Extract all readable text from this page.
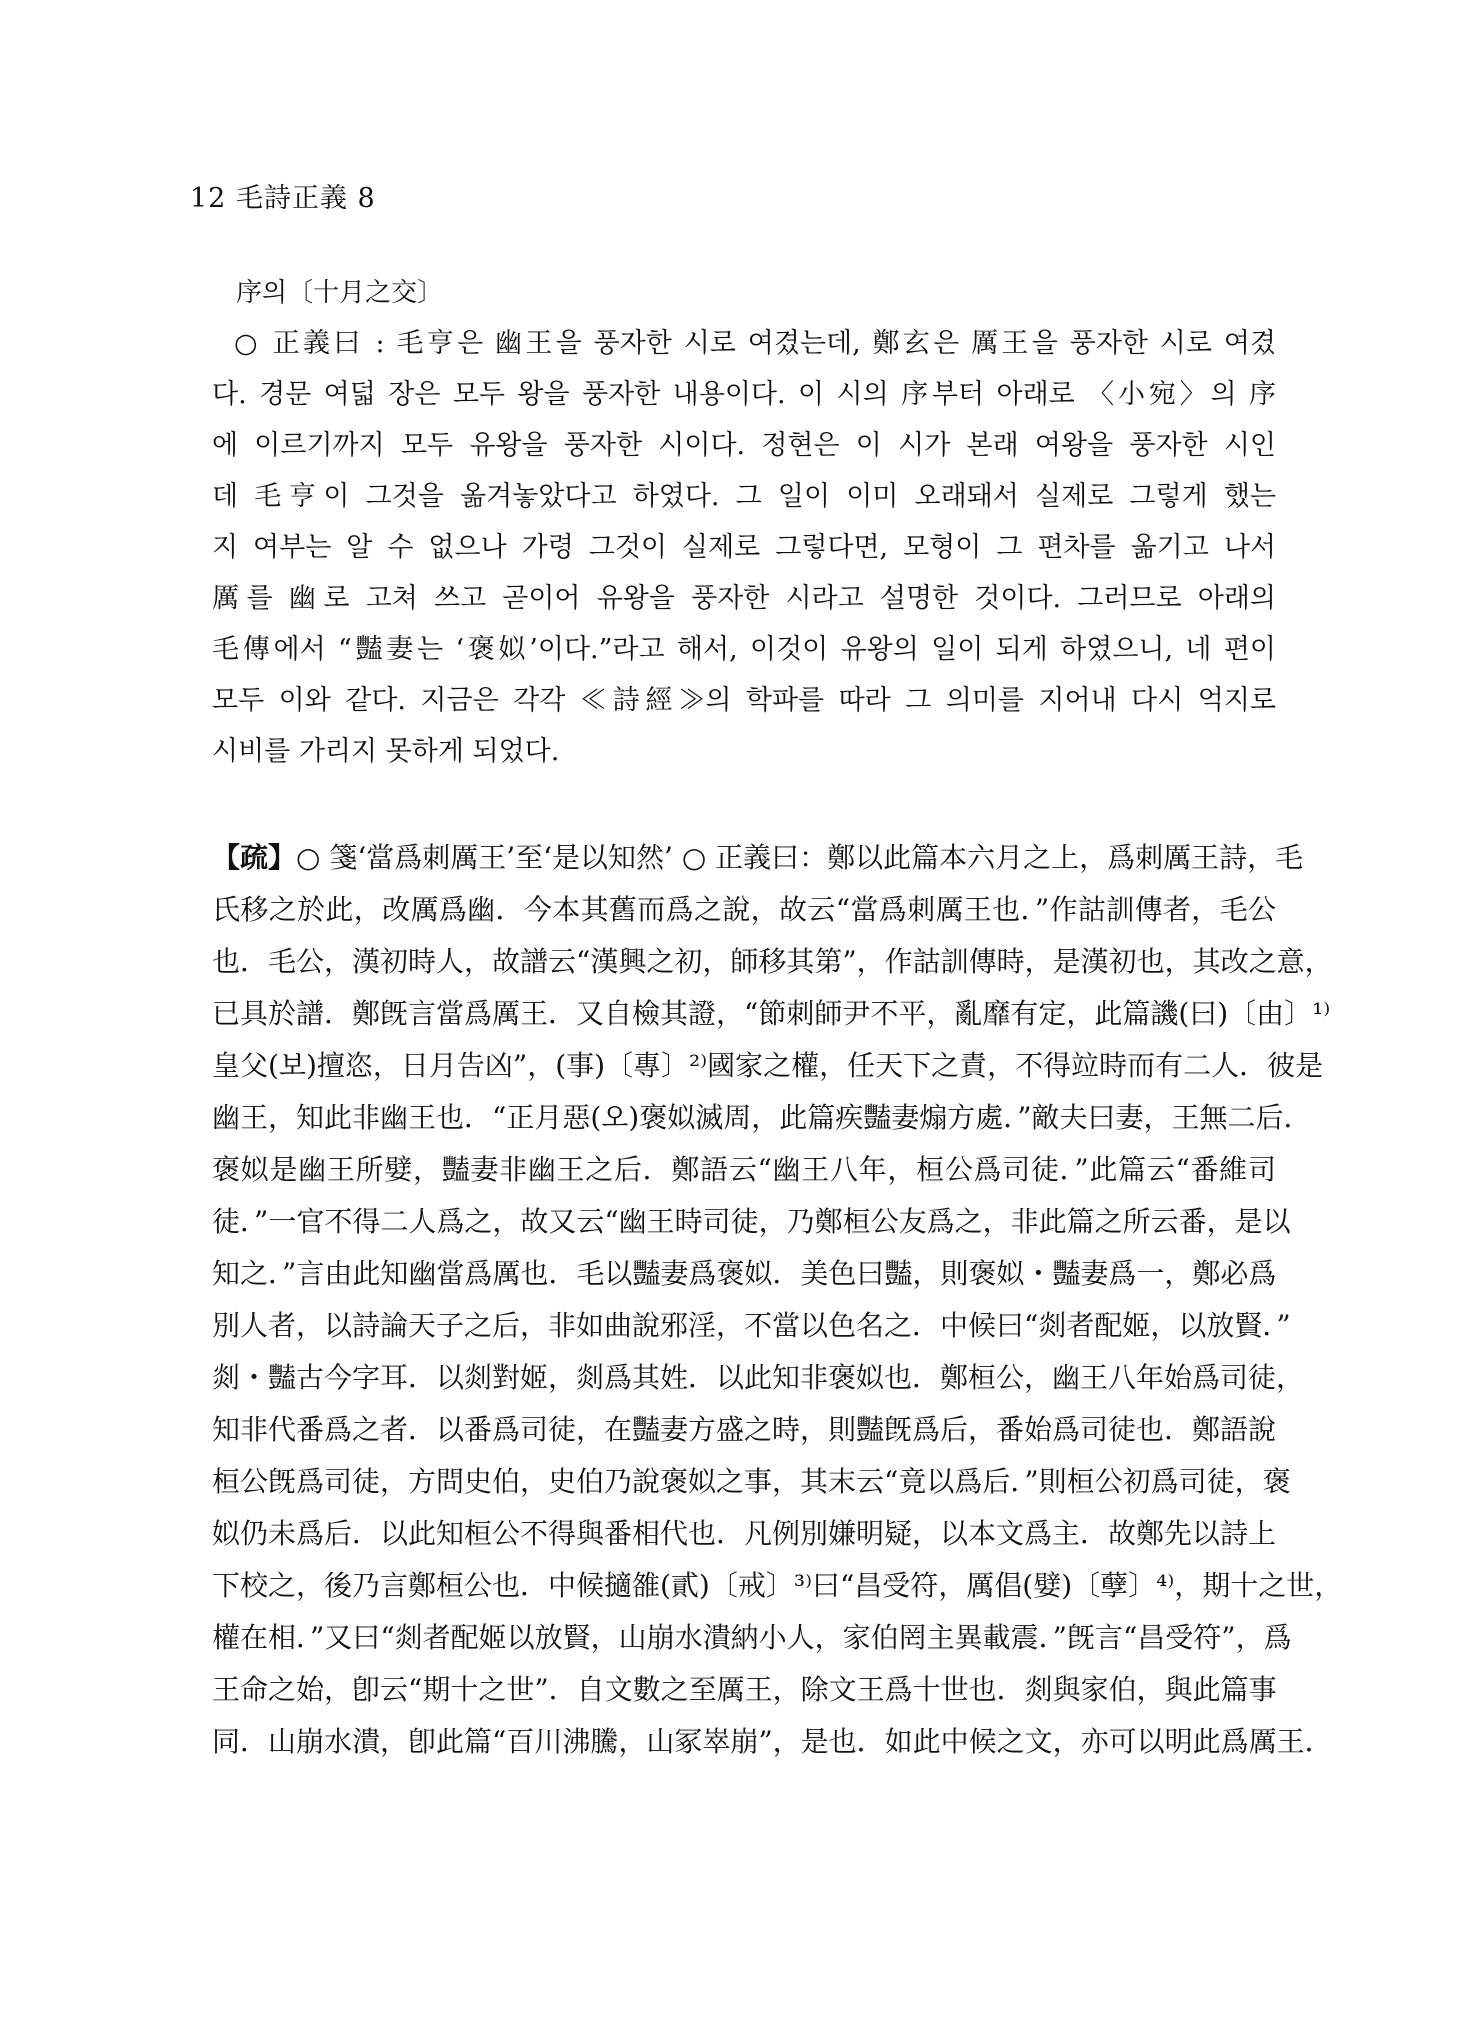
12 毛詩正義 8
序의〔十月之交〕
○ 正義曰 : 毛亨은 幽王을 풍자한 시로 여겼는데, 鄭玄은 厲王을 풍자한 시로 여겼
다. 경문 여덟 장은 모두 왕을 풍자한 내용이다. 이 시의 序부터 아래로 〈小宛〉의 序
에 이르기까지 모두 유왕을 풍자한 시이다. 정현은 이 시가 본래 여왕을 풍자한 시인
데 毛亨이 그것을 옮겨놓았다고 하였다. 그 일이 이미 오래돼서 실제로 그렇게 했는
지 여부는 알 수 없으나 가령 그것이 실제로 그렇다면, 모형이 그 편차를 옮기고 나서
厲를 幽로 고쳐 쓰고 곧이어 유왕을 풍자한 시라고 설명한 것이다. 그러므로 아래의
毛傳에서 “豔妻는 ‘褒姒’이다.”라고 해서, 이것이 유왕의 일이 되게 하였으니, 네 편이
모두 이와 같다. 지금은 각각 ≪詩經≫의 학파를 따라 그 의미를 지어내 다시 억지로
시비를 가리지 못하게 되었다.
【疏】○ 箋‘當爲刺厲王’至‘是以知然’ ○ 正義曰：鄭以此篇本六月之上，爲刺厲王詩，毛
氏移之於此，改厲爲幽．今本其舊而爲之說，故云“當爲刺厲王也．”作詁訓傳者，毛公
也．毛公，漢初時人，故譜云“漢興之初，師移其第”，作詁訓傳時，是漢初也，其改之意，
已具於譜．鄭旣言當爲厲王．又自檢其證，“節刺師尹不平，亂靡有定，此篇譏(曰)〔由〕¹⁾
皇父(보)擅恣，日月告凶”，(事)〔專〕²⁾國家之權，任天下之責，不得竝時而有二人．彼是
幽王，知此非幽王也．“正月惡(오)褒姒滅周，此篇疾豔妻煽方處．”敵夫曰妻，王無二后．
褒姒是幽王所嬖，豔妻非幽王之后．鄭語云“幽王八年，桓公爲司徒．”此篇云“番維司
徒．”一官不得二人爲之，故又云“幽王時司徒，乃鄭桓公友爲之，非此篇之所云番，是以
知之．”言由此知幽當爲厲也．毛以豔妻爲褒姒．美色曰豔，則褒姒・豔妻爲一，鄭必爲
別人者，以詩論天子之后，非如曲說邪淫，不當以色名之．中候曰“剡者配姬，以放賢．”
剡・豔古今字耳．以剡對姬，剡爲其姓．以此知非褒姒也．鄭桓公，幽王八年始爲司徒，
知非代番爲之者．以番爲司徒，在豔妻方盛之時，則豔旣爲后，番始爲司徒也．鄭語說
桓公旣爲司徒，方問史伯，史伯乃說褒姒之事，其末云“竟以爲后．”則桓公初爲司徒，褒
姒仍未爲后．以此知桓公不得與番相代也．凡例別嫌明疑，以本文爲主．故鄭先以詩上
下校之，後乃言鄭桓公也．中候擿雒(貳)〔戒〕³⁾曰“昌受符，厲倡(嬖)〔孽〕⁴⁾，期十之世，
權在相．”又曰“剡者配姬以放賢，山崩水潰納小人，家伯罔主異載震．”旣言“昌受符”，爲
王命之始，卽云“期十之世”．自文數之至厲王，除文王爲十世也．剡與家伯，與此篇事
同．山崩水潰，卽此篇“百川沸騰，山冢崒崩”，是也．如此中候之文，亦可以明此爲厲王．
